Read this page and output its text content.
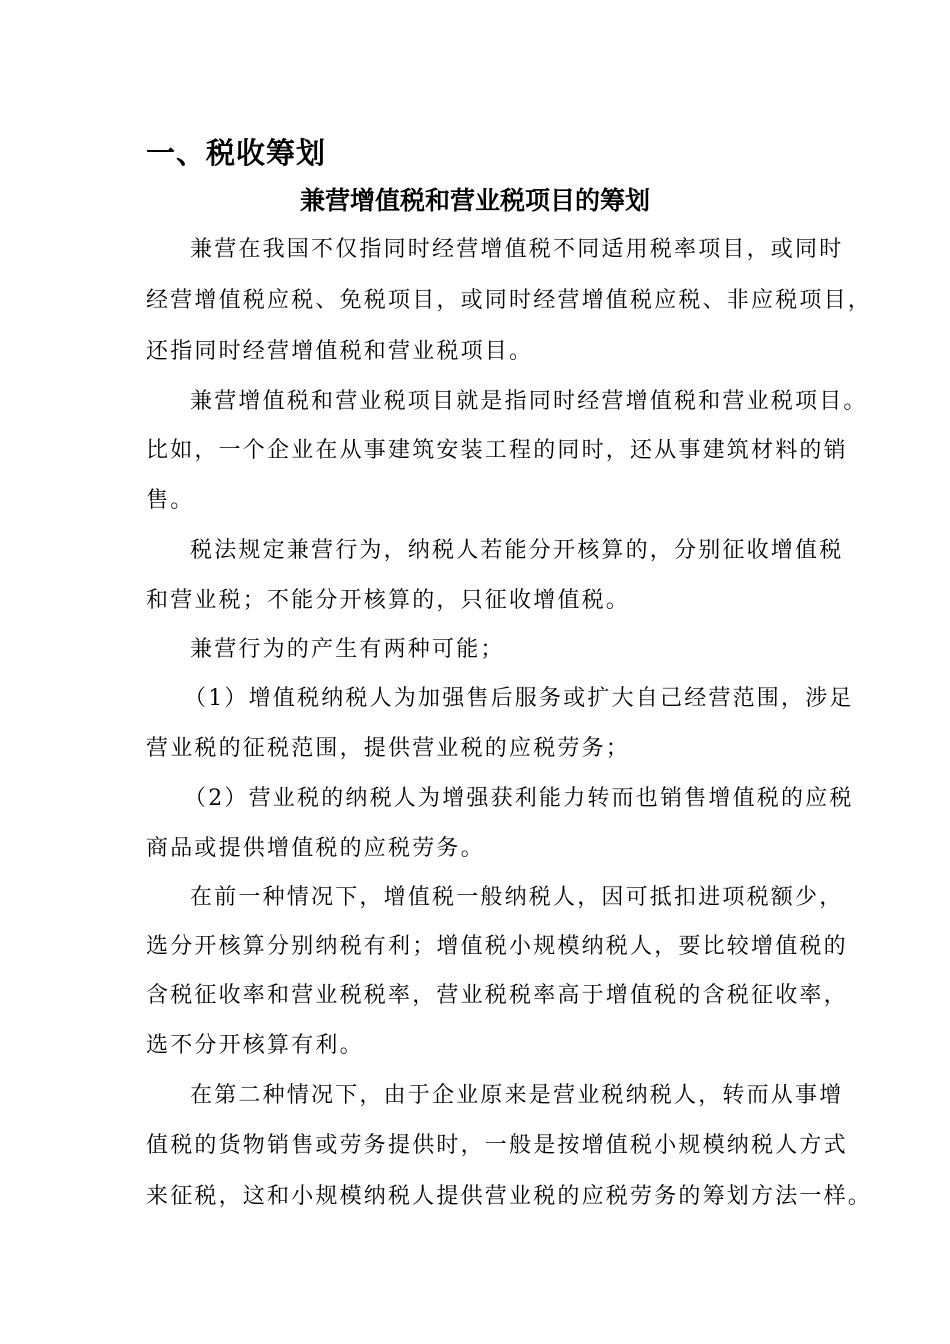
一、税收筹划
兼营增值税和营业税项目的筹划
兼营在我国不仅指同时经营增值税不同适用税率项目，或同时
经营增值税应税、免税项目，或同时经营增值税应税、非应税项目，
还指同时经营增值税和营业税项目。
兼营增值税和营业税项目就是指同时经营增值税和营业税项目。
比如，一个企业在从事建筑安装工程的同时，还从事建筑材料的销
售。
税法规定兼营行为，纳税人若能分开核算的，分别征收增值税
和营业税；不能分开核算的，只征收增值税。
兼营行为的产生有两种可能；
（1）增值税纳税人为加强售后服务或扩大自己经营范围，涉足
营业税的征税范围，提供营业税的应税劳务；
（2）营业税的纳税人为增强获利能力转而也销售增值税的应税
商品或提供增值税的应税劳务。
在前一种情况下，增值税一般纳税人，因可抵扣进项税额少，
选分开核算分别纳税有利；增值税小规模纳税人，要比较增值税的
含税征收率和营业税税率，营业税税率高于增值税的含税征收率，
选不分开核算有利。
在第二种情况下，由于企业原来是营业税纳税人，转而从事增
值税的货物销售或劳务提供时，一般是按增值税小规模纳税人方式
来征税，这和小规模纳税人提供营业税的应税劳务的筹划方法一样。
